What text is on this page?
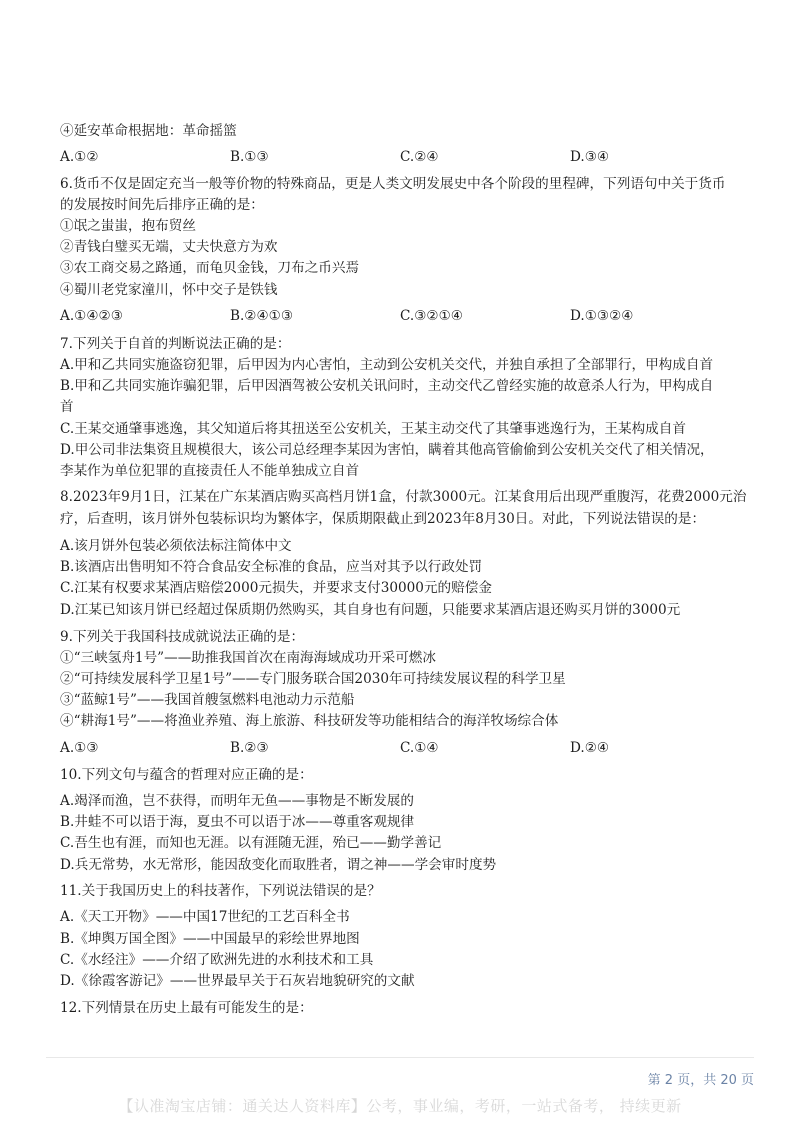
④延安革命根据地：革命摇篮
A.①②	B.①③	C.②④	D.③④
6.货币不仅是固定充当一般等价物的特殊商品，更是人类文明发展史中各个阶段的里程碑，下列语句中关于货币
的发展按时间先后排序正确的是：
①氓之蚩蚩，抱布贸丝
②青钱白璧买无端，丈夫快意方为欢
③农工商交易之路通，而龟贝金钱，刀布之币兴焉
④蜀川老党家潼川，怀中交子是铁钱
A.①④②③	B.②④①③	C.③②①④	D.①③②④
7.下列关于自首的判断说法正确的是：
A.甲和乙共同实施盗窃犯罪，后甲因为内心害怕，主动到公安机关交代，并独自承担了全部罪行，甲构成自首
B.甲和乙共同实施诈骗犯罪，后甲因酒驾被公安机关讯问时，主动交代乙曾经实施的故意杀人行为，甲构成自
首
C.王某交通肇事逃逸，其父知道后将其扭送至公安机关，王某主动交代了其肇事逃逸行为，王某构成自首
D.甲公司非法集资且规模很大，该公司总经理李某因为害怕，瞒着其他高管偷偷到公安机关交代了相关情况，
李某作为单位犯罪的直接责任人不能单独成立自首
8.2023年9月1日，江某在广东某酒店购买高档月饼1盒，付款3000元。江某食用后出现严重腹泻，花费2000元治
疗，后查明，该月饼外包装标识均为繁体字，保质期限截止到2023年8月30日。对此，下列说法错误的是：
A.该月饼外包装必须依法标注简体中文
B.该酒店出售明知不符合食品安全标准的食品，应当对其予以行政处罚
C.江某有权要求某酒店赔偿2000元损失，并要求支付30000元的赔偿金
D.江某已知该月饼已经超过保质期仍然购买，其自身也有问题，只能要求某酒店退还购买月饼的3000元
9.下列关于我国科技成就说法正确的是：
①“三峡氢舟1号”——助推我国首次在南海海域成功开采可燃冰
②“可持续发展科学卫星1号”——专门服务联合国2030年可持续发展议程的科学卫星
③“蓝鲸1号”——我国首艘氢燃料电池动力示范船
④“耕海1号”——将渔业养殖、海上旅游、科技研发等功能相结合的海洋牧场综合体
A.①③	B.②③	C.①④	D.②④
10.下列文句与蕴含的哲理对应正确的是：
A.竭泽而渔，岂不获得，而明年无鱼——事物是不断发展的
B.井蛙不可以语于海，夏虫不可以语于冰——尊重客观规律
C.吾生也有涯，而知也无涯。以有涯随无涯，殆已——勤学善记
D.兵无常势，水无常形，能因敌变化而取胜者，谓之神——学会审时度势
11.关于我国历史上的科技著作，下列说法错误的是？
A.《天工开物》——中国17世纪的工艺百科全书
B.《坤舆万国全图》——中国最早的彩绘世界地图
C.《水经注》——介绍了欧洲先进的水利技术和工具
D.《徐霞客游记》——世界最早关于石灰岩地貌研究的文献
12.下列情景在历史上最有可能发生的是：
第 2 页，共 20 页
【认准淘宝店铺：通关达人资料库】公考，事业编，考研，一站式备考， 持续更新
